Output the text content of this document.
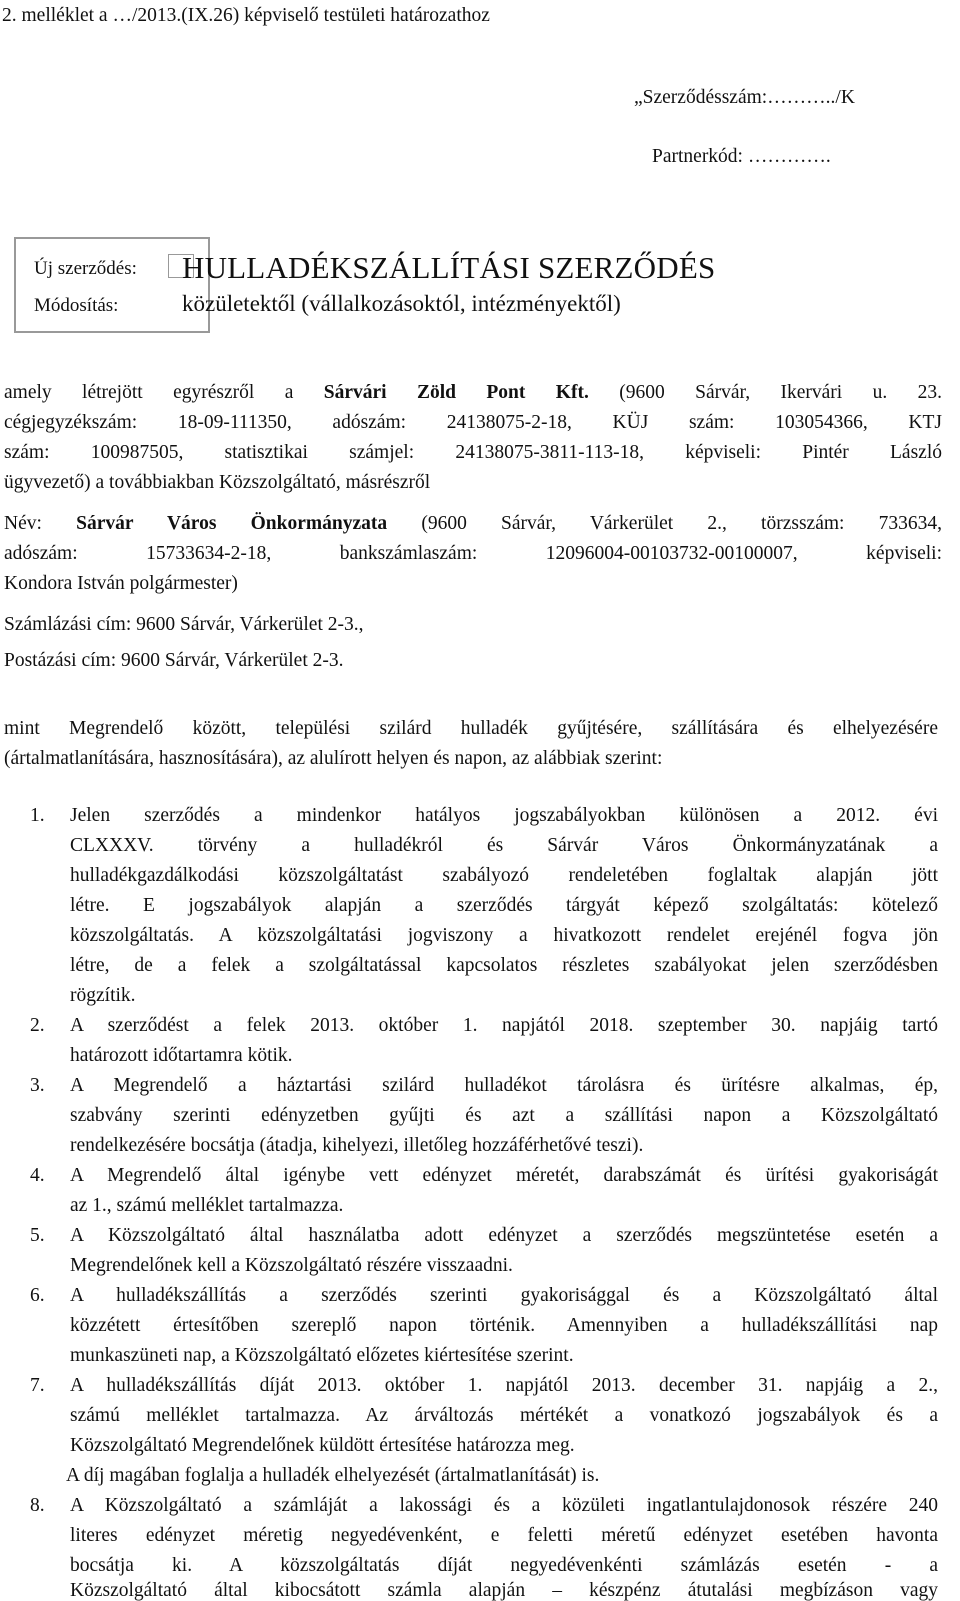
2. melléklet a …/2013.(IX.26) képviselő testületi határozathoz
„Szerződésszám:………../K
Partnerkód: ………….
Új szerződés:
Módosítás:
HULLADÉKSZÁLLÍTÁSI SZERZŐDÉS
közületektől (vállalkozásoktól, intézményektől)
amely létrejött egyrészről a Sárvári Zöld Pont Kft. (9600 Sárvár, Ikervári u. 23.
cégjegyzékszám: 18-09-111350, adószám: 24138075-2-18, KÜJ szám: 103054366, KTJ
szám: 100987505, statisztikai számjel: 24138075-3811-113-18, képviseli: Pintér László
ügyvezető) a továbbiakban Közszolgáltató, másrészről
Név: Sárvár Város Önkormányzata (9600 Sárvár, Várkerület 2., törzsszám: 733634,
adószám: 15733634-2-18, bankszámlaszám: 12096004-00103732-00100007, képviseli:
Kondora István polgármester)
Számlázási cím: 9600 Sárvár, Várkerület 2-3.,
Postázási cím: 9600 Sárvár, Várkerület 2-3.
mint Megrendelő között, települési szilárd hulladék gyűjtésére, szállítására és elhelyezésére
(ártalmatlanítására, hasznosítására), az alulírott helyen és napon, az alábbiak szerint:
1. Jelen szerződés a mindenkor hatályos jogszabályokban különösen a 2012. évi
CLXXXV. törvény a hulladékról és Sárvár Város Önkormányzatának a
hulladékgazdálkodási közszolgáltatást szabályozó rendeletében foglaltak alapján jött
létre. E jogszabályok alapján a szerződés tárgyát képező szolgáltatás: kötelező
közszolgáltatás. A közszolgáltatási jogviszony a hivatkozott rendelet erejénél fogva jön
létre, de a felek a szolgáltatással kapcsolatos részletes szabályokat jelen szerződésben
rögzítik.
2. A szerződést a felek 2013. október 1. napjától 2018. szeptember 30. napjáig tartó
határozott időtartamra kötik.
3. A Megrendelő a háztartási szilárd hulladékot tárolásra és ürítésre alkalmas, ép,
szabvány szerinti edényzetben gyűjti és azt a szállítási napon a Közszolgáltató
rendelkezésére bocsátja (átadja, kihelyezi, illetőleg hozzáférhetővé teszi).
4. A Megrendelő által igénybe vett edényzet méretét, darabszámát és ürítési gyakoriságát
az 1., számú melléklet tartalmazza.
5. A Közszolgáltató által használatba adott edényzet a szerződés megszüntetése esetén a
Megrendelőnek kell a Közszolgáltató részére visszaadni.
6. A hulladékszállítás a szerződés szerinti gyakorisággal és a Közszolgáltató által
közzétett értesítőben szereplő napon történik. Amennyiben a hulladékszállítási nap
munkaszüneti nap, a Közszolgáltató előzetes kiértesítése szerint.
7. A hulladékszállítás díját 2013. október 1. napjától 2013. december 31. napjáig a 2.,
számú melléklet tartalmazza. Az árváltozás mértékét a vonatkozó jogszabályok és a
Közszolgáltató Megrendelőnek küldött értesítése határozza meg.
A díj magában foglalja a hulladék elhelyezését (ártalmatlanítását) is.
8. A Közszolgáltató a számláját a lakossági és a közületi ingatlantulajdonosok részére 240
literes edényzet méretig negyedévenként, e feletti méretű edényzet esetében havonta
bocsátja ki. A közszolgáltatás díját negyedévenkénti számlázás esetén - a
Közszolgáltató által kibocsátott számla alapján – készpénz átutalási megbízáson vagy
